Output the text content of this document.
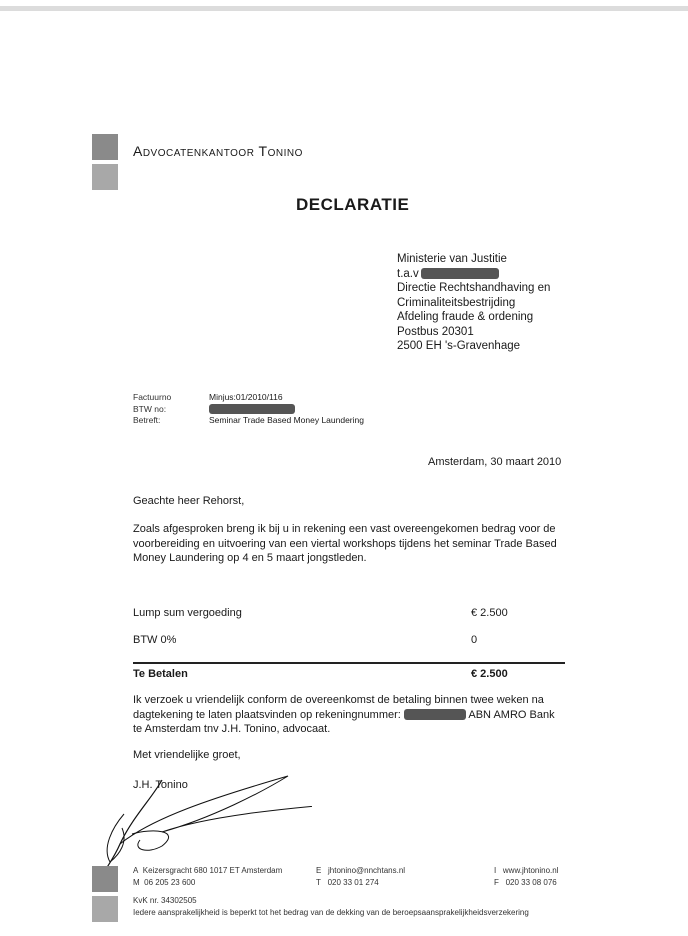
Advocatenkantoor Tonino
DECLARATIE
Ministerie van Justitie
t.a.v
Directie Rechtshandhaving en
Criminaliteitsbestrijding
Afdeling fraude & ordening
Postbus 20301
2500 EH 's-Gravenhage
Factuurno	Minjus:01/2010/116
BTW no:
Betreft:	Seminar Trade Based Money Laundering
Amsterdam, 30 maart 2010
Geachte heer Rehorst,
Zoals afgesproken breng ik bij u in rekening een vast overeengekomen bedrag voor de voorbereiding en uitvoering van een viertal workshops tijdens het seminar Trade Based Money Laundering op 4 en 5 maart jongstleden.
Lump sum vergoeding	€ 2.500
BTW 0%	0
Te Betalen	€ 2.500
Ik verzoek u vriendelijk conform de overeenkomst de betaling binnen twee weken na dagtekening te laten plaatsvinden op rekeningnummer:	ABN AMRO Bank te Amsterdam tnv J.H. Tonino, advocaat.
Met vriendelijke groet,
J.H. Tonino
A Keizersgracht 680 1017 ET Amsterdam
M 06 205 23 600
E jhtonino@nnchtans.nl
T 020 33 01 274
I www.jhtonino.nl
F 020 33 08 076
KvK nr. 34302505
Iedere aansprakelijkheid is beperkt tot het bedrag van de dekking van de beroepsaansprakelijkheidsverzekering
